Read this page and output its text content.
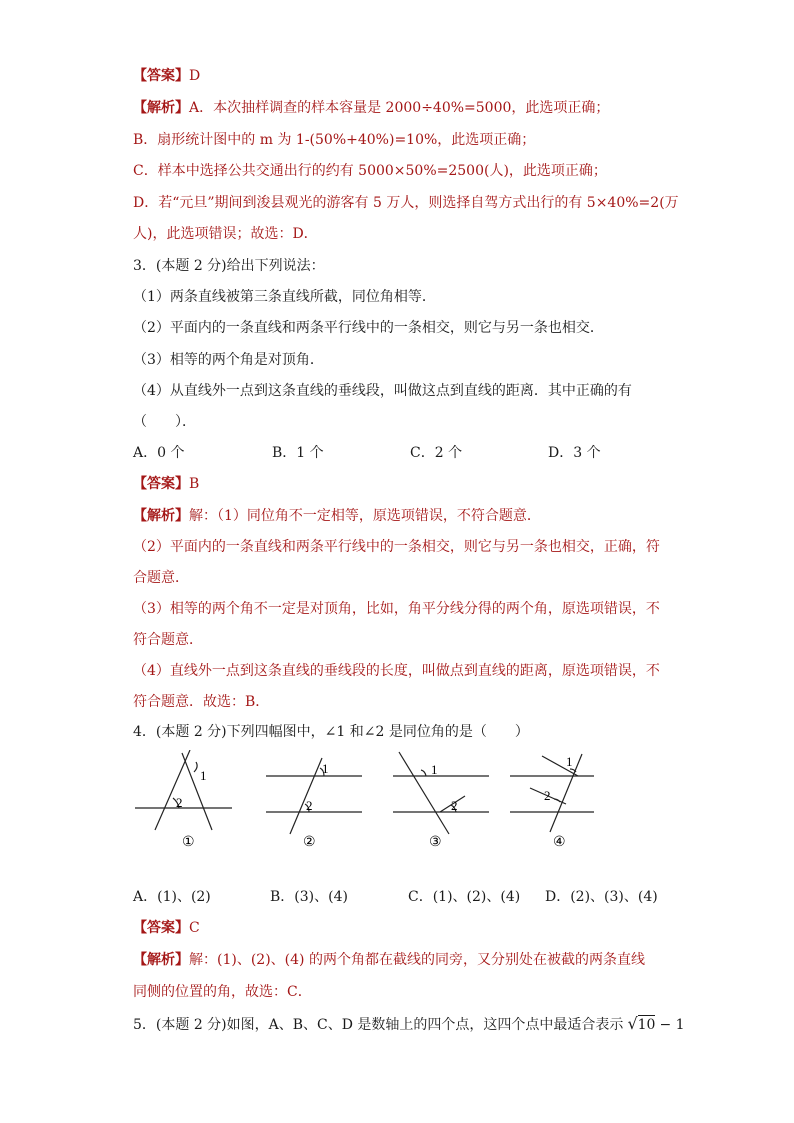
【答案】D
【解析】A．本次抽样调查的样本容量是 2000÷40%=5000，此选项正确；
B．扇形统计图中的 m 为 1-(50%+40%)=10%，此选项正确；
C．样本中选择公共交通出行的约有 5000×50%=2500(人)，此选项正确；
D．若“元旦”期间到浚县观光的游客有 5 万人，则选择自驾方式出行的有 5×40%=2(万
人)，此选项错误；故选：D．
3．(本题 2 分)给出下列说法：
（1）两条直线被第三条直线所截，同位角相等．
（2）平面内的一条直线和两条平行线中的一条相交，则它与另一条也相交．
（3）相等的两个角是对顶角．
（4）从直线外一点到这条直线的垂线段，叫做这点到直线的距离．其中正确的有
（　　）．
A．0 个	B．1 个	C．2 个	D．3 个
【答案】B
【解析】解：（1）同位角不一定相等，原选项错误，不符合题意．
（2）平面内的一条直线和两条平行线中的一条相交，则它与另一条也相交，正确，符
合题意．
（3）相等的两个角不一定是对顶角，比如，角平分线分得的两个角，原选项错误，不
符合题意．
（4）直线外一点到这条直线的垂线段的长度，叫做点到直线的距离，原选项错误，不
符合题意．故选：B．
4．(本题 2 分)下列四幅图中，∠1 和∠2 是同位角的是（　　）
1
2
①
1
2
②
1
2
③
1
2
④
A．(1)、(2)	B．(3)、(4)	C．(1)、(2)、(4) D．(2)、(3)、(4)
【答案】C
【解析】解：(1)、(2)、(4) 的两个角都在截线的同旁，又分别处在被截的两条直线
同侧的位置的角，故选：C．
5．(本题 2 分)如图，A、B、C、D 是数轴上的四个点，这四个点中最适合表示 √10 − 1
